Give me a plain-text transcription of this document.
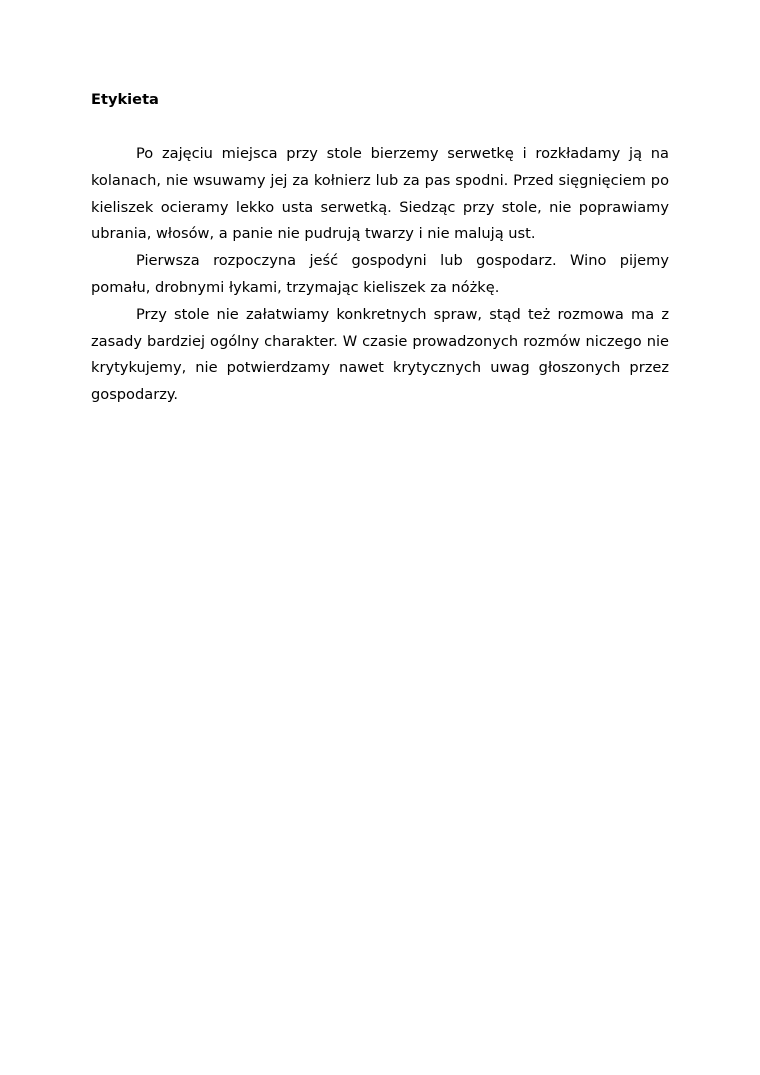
Etykieta

Po zajęciu miejsca przy stole bierzemy serwetkę i rozkładamy ją na kolanach, nie wsuwamy jej za kołnierz lub za pas spodni. Przed sięgnięciem po kieliszek ocieramy lekko usta serwetką. Siedząc przy stole, nie poprawiamy ubrania, włosów, a panie nie pudrują twarzy i nie malują ust.

Pierwsza rozpoczyna jeść gospodyni lub gospodarz. Wino pijemy pomału, drobnymi łykami, trzymając kieliszek za nóżkę.

Przy stole nie załatwiamy konkretnych spraw, stąd też rozmowa ma z zasady bardziej ogólny charakter. W czasie prowadzonych rozmów niczego nie krytykujemy, nie potwierdzamy nawet krytycznych uwag głoszonych przez gospodarzy.
